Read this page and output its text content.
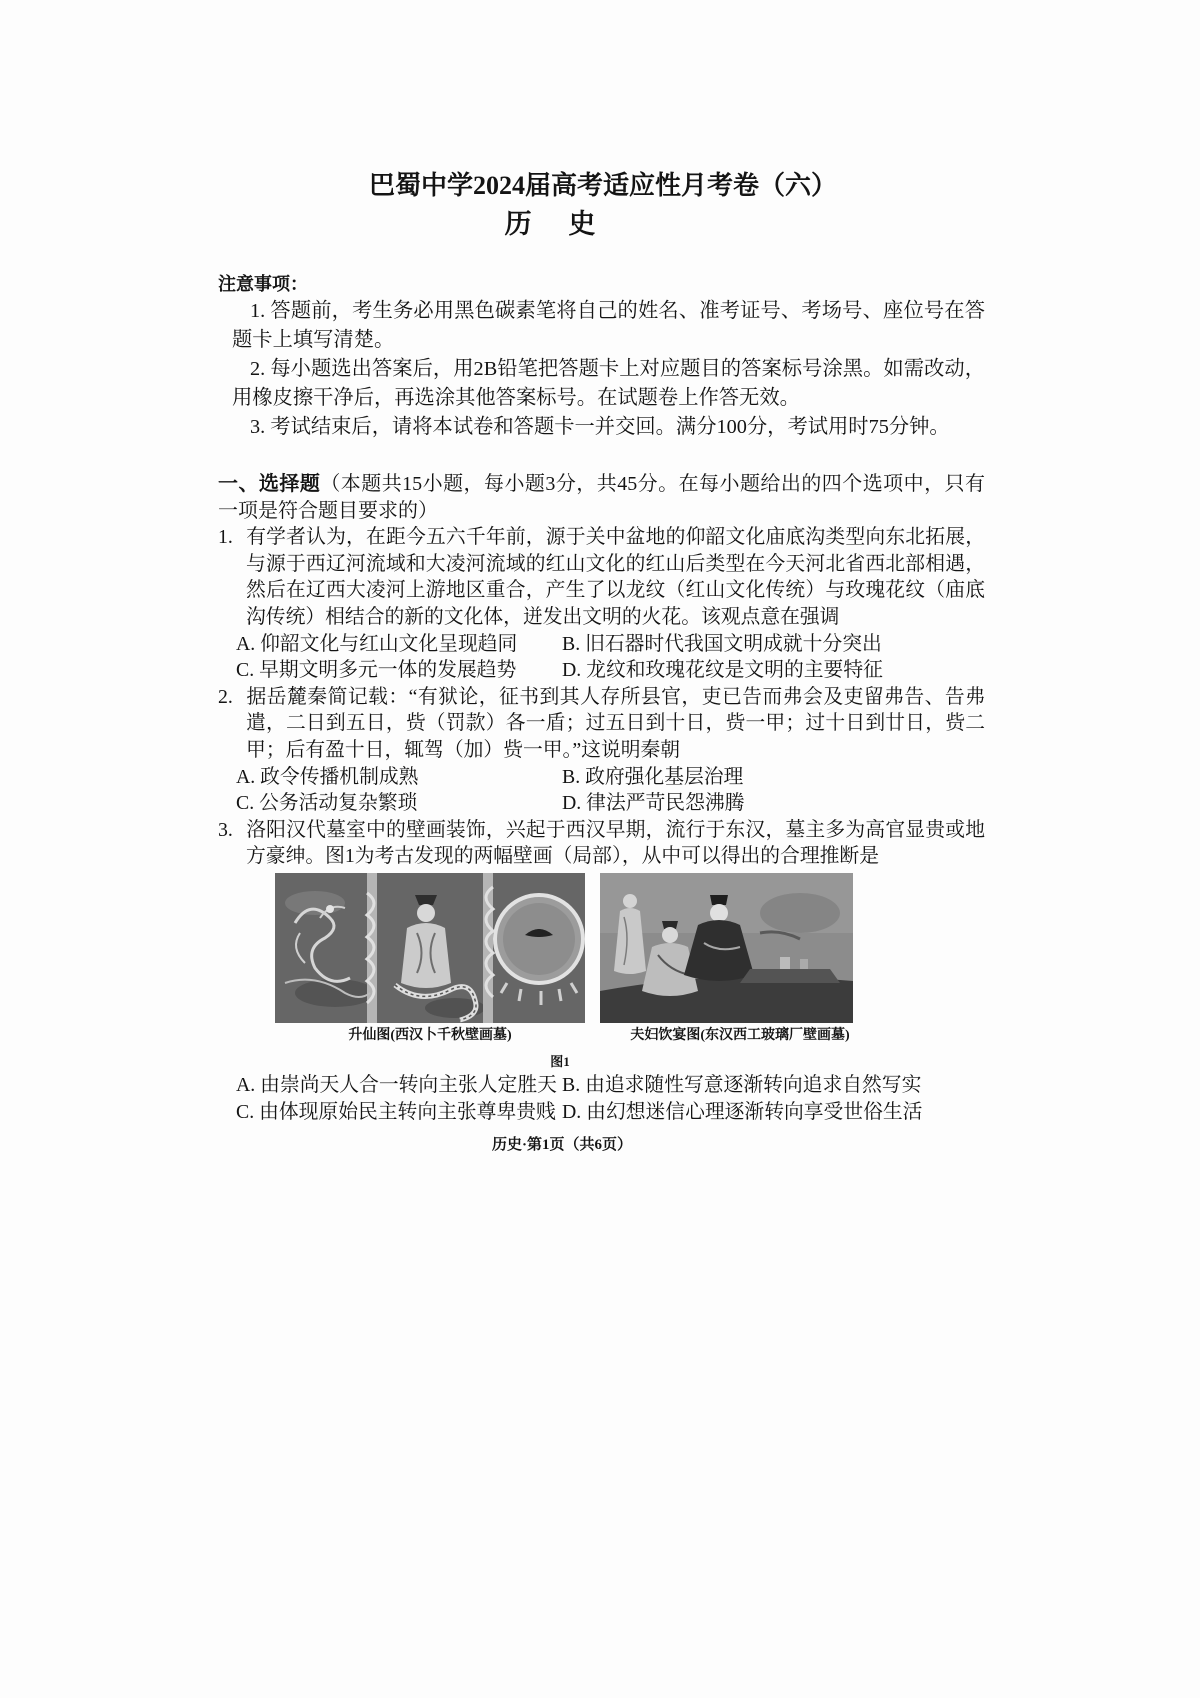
巴蜀中学2024届高考适应性月考卷（六）
历 史
注意事项：

1. 答题前，考生务必用黑色碳素笔将自己的姓名、准考证号、考场号、座位号在答题卡上填写清楚。

2. 每小题选出答案后，用2B铅笔把答题卡上对应题目的答案标号涂黑。如需改动，用橡皮擦干净后，再选涂其他答案标号。在试题卷上作答无效。

3. 考试结束后，请将本试卷和答题卡一并交回。满分100分，考试用时75分钟。

一、选择题（本题共15小题，每小题3分，共45分。在每小题给出的四个选项中，只有一项是符合题目要求的）

1. 有学者认为，在距今五六千年前，源于关中盆地的仰韶文化庙底沟类型向东北拓展，与源于西辽河流域和大凌河流域的红山文化的红山后类型在今天河北省西北部相遇，然后在辽西大凌河上游地区重合，产生了以龙纹（红山文化传统）与玫瑰花纹（庙底沟传统）相结合的新的文化体，迸发出文明的火花。该观点意在强调

A. 仰韶文化与红山文化呈现趋同	B. 旧石器时代我国文明成就十分突出
C. 早期文明多元一体的发展趋势	D. 龙纹和玫瑰花纹是文明的主要特征

2. 据岳麓秦简记载：“有狱论，征书到其人存所县官，吏已告而弗会及吏留弗告、告弗遣，二日到五日，赀（罚款）各一盾；过五日到十日，赀一甲；过十日到廿日，赀二甲；后有盈十日，辄驾（加）赀一甲。”这说明秦朝

A. 政令传播机制成熟	B. 政府强化基层治理
C. 公务活动复杂繁琐	D. 律法严苛民怨沸腾

3. 洛阳汉代墓室中的壁画装饰，兴起于西汉早期，流行于东汉，墓主多为高官显贵或地方豪绅。图1为考古发现的两幅壁画（局部），从中可以得出的合理推断是

升仙图(西汉卜千秋壁画墓)	夫妇饮宴图(东汉西工玻璃厂壁画墓)
图1
A. 由崇尚天人合一转向主张人定胜天 B. 由追求随性写意逐渐转向追求自然写实
C. 由体现原始民主转向主张尊卑贵贱 D. 由幻想迷信心理逐渐转向享受世俗生活
历史·第1页（共6页）
